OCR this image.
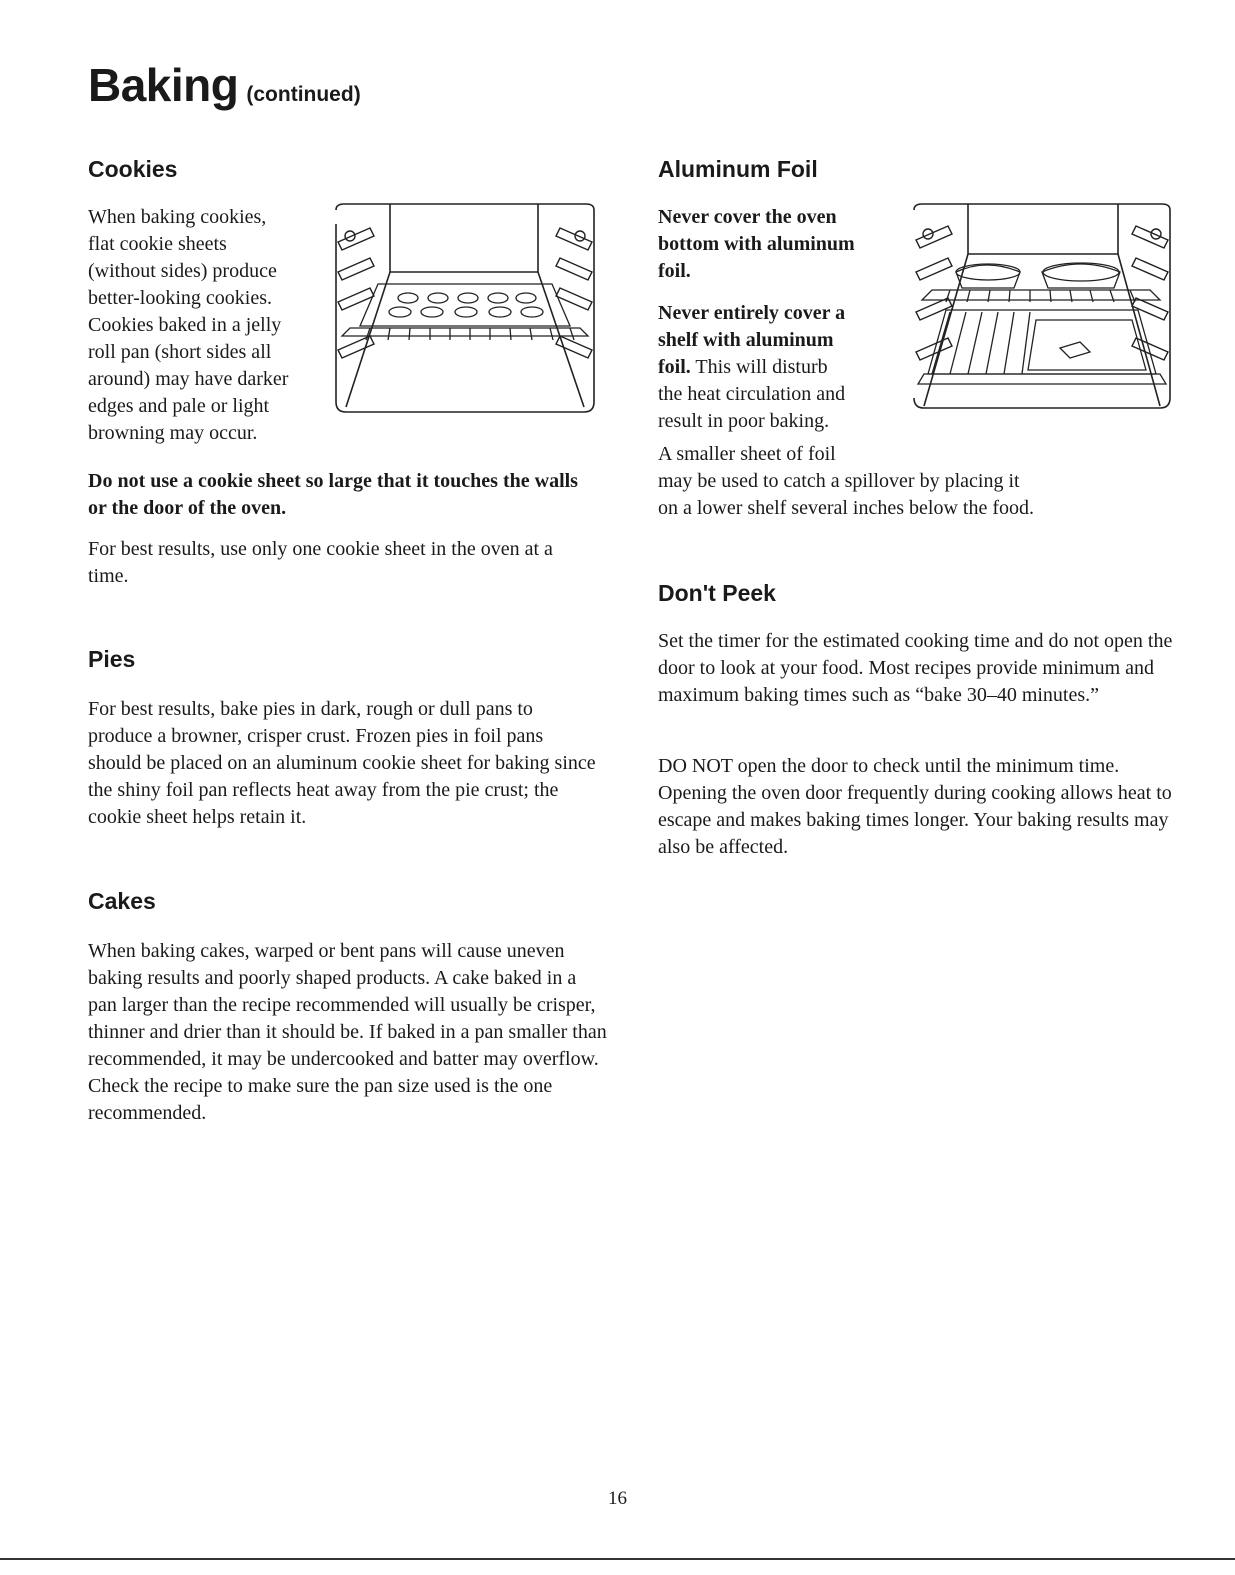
Baking (continued)
Cookies

When baking cookies,

flat cookie sheets

(without sides) produce

better-looking cookies.

Cookies baked in a jelly

roll pan (short sides all

around) may have darker

edges and pale or light

browning may occur.

Do not use a cookie sheet so large that it touches the walls or the door of the oven.

For best results, use only one cookie sheet in the oven at a time.

Pies

For best results, bake pies in dark, rough or dull pans to produce a browner, crisper crust. Frozen pies in foil pans should be placed on an aluminum cookie sheet for baking since the shiny foil pan reflects heat away from the pie crust; the cookie sheet helps retain it.

Cakes

When baking cakes, warped or bent pans will cause uneven baking results and poorly shaped products. A cake baked in a pan larger than the recipe recommended will usually be crisper, thinner and drier than it should be. If baked in a pan smaller than recommended, it may be undercooked and batter may overflow. Check the recipe to make sure the pan size used is the one recommended.

Aluminum Foil

Never cover the oven

bottom with aluminum

foil.

Never entirely cover a

shelf with aluminum

foil. This will disturb

the heat circulation and

result in poor baking.

A smaller sheet of foil

may be used to catch a spillover by placing it

on a lower shelf several inches below the food.

Don't Peek

Set the timer for the estimated cooking time and do not open the door to look at your food. Most recipes provide minimum and maximum baking times such as “bake 30–40 minutes.”

DO NOT open the door to check until the minimum time. Opening the oven door frequently during cooking allows heat to escape and makes baking times longer. Your baking results may also be affected.

16
